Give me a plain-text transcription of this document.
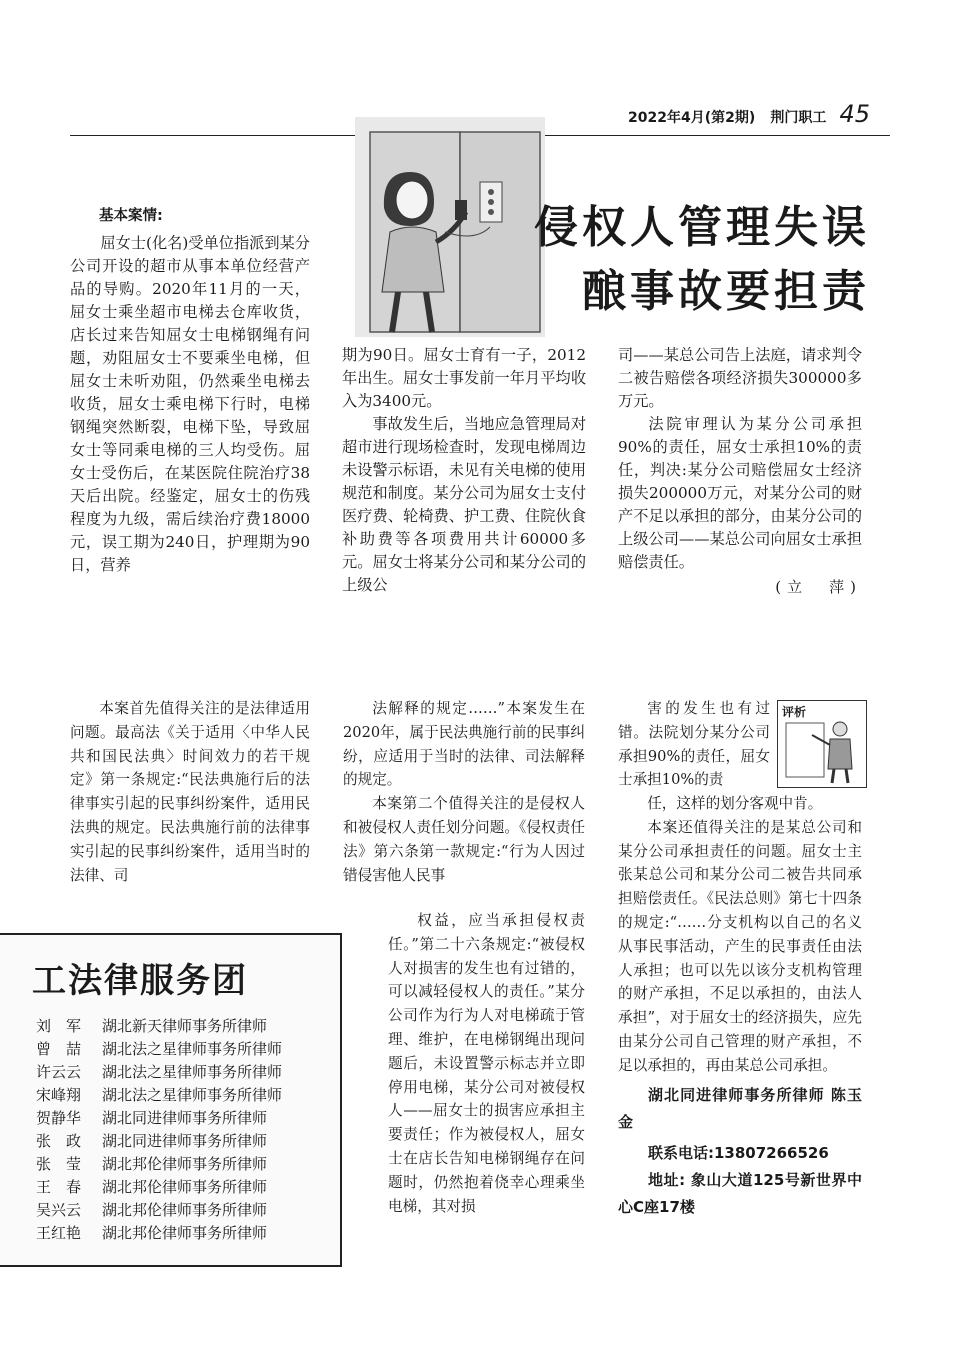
2022年4月(第2期) 荆门职工 45
侵权人管理失误
酿事故要担责
基本案情:

屈女士(化名)受单位指派到某分公司开设的超市从事本单位经营产品的导购。2020年11月的一天，屈女士乘坐超市电梯去仓库收货，店长过来告知屈女士电梯钢绳有问题，劝阻屈女士不要乘坐电梯，但屈女士未听劝阻，仍然乘坐电梯去收货，屈女士乘电梯下行时，电梯钢绳突然断裂，电梯下坠，导致屈女士等同乘电梯的三人均受伤。屈女士受伤后，在某医院住院治疗38天后出院。经鉴定，屈女士的伤残程度为九级，需后续治疗费18000元，误工期为240日，护理期为90日，营养

期为90日。屈女士育有一子，2012年出生。屈女士事发前一年月平均收入为3400元。

事故发生后，当地应急管理局对超市进行现场检查时，发现电梯周边未设警示标语，未见有关电梯的使用规范和制度。某分公司为屈女士支付医疗费、轮椅费、护工费、住院伙食补助费等各项费用共计60000多元。屈女士将某分公司和某分公司的上级公

司——某总公司告上法庭，请求判令二被告赔偿各项经济损失300000多万元。

法院审理认为某分公司承担90%的责任，屈女士承担10%的责任，判决:某分公司赔偿屈女士经济损失200000万元，对某分公司的财产不足以承担的部分，由某分公司的上级公司——某总公司向屈女士承担赔偿责任。

(立　萍)

本案首先值得关注的是法律适用问题。最高法《关于适用〈中华人民共和国民法典〉时间效力的若干规定》第一条规定:“民法典施行后的法律事实引起的民事纠纷案件，适用民法典的规定。民法典施行前的法律事实引起的民事纠纷案件，适用当时的法律、司

法解释的规定……”本案发生在2020年，属于民法典施行前的民事纠纷，应适用于当时的法律、司法解释的规定。

本案第二个值得关注的是侵权人和被侵权人责任划分问题。《侵权责任法》第六条第一款规定:“行为人因过错侵害他人民事

权益，应当承担侵权责任。”第二十六条规定:“被侵权人对损害的发生也有过错的，可以减轻侵权人的责任。”某分公司作为行为人对电梯疏于管理、维护，在电梯钢绳出现问题后，未设置警示标志并立即停用电梯，某分公司对被侵权人——屈女士的损害应承担主要责任；作为被侵权人，屈女士在店长告知电梯钢绳存在问题时，仍然抱着侥幸心理乘坐电梯，其对损

评析

害的发生也有过错。法院划分某分公司承担90%的责任，屈女士承担10%的责

任，这样的划分客观中肯。

本案还值得关注的是某总公司和某分公司承担责任的问题。屈女士主张某总公司和某分公司二被告共同承担赔偿责任。《民法总则》第七十四条的规定:“……分支机构以自己的名义从事民事活动，产生的民事责任由法人承担；也可以先以该分支机构管理的财产承担，不足以承担的，由法人承担”，对于屈女士的经济损失，应先由某分公司自己管理的财产承担，不足以承担的，再由某总公司承担。

湖北同进律师事务所律师 陈玉金
联系电话:13807266526
地址: 象山大道125号新世界中心C座17楼
工法律服务团
刘　军 湖北新天律师事务所律师
曾　喆 湖北法之星律师事务所律师
许云云 湖北法之星律师事务所律师
宋峰翔 湖北法之星律师事务所律师
贺静华 湖北同进律师事务所律师
张　政 湖北同进律师事务所律师
张　莹 湖北邦伦律师事务所律师
王　春 湖北邦伦律师事务所律师
吴兴云 湖北邦伦律师事务所律师
王红艳 湖北邦伦律师事务所律师
